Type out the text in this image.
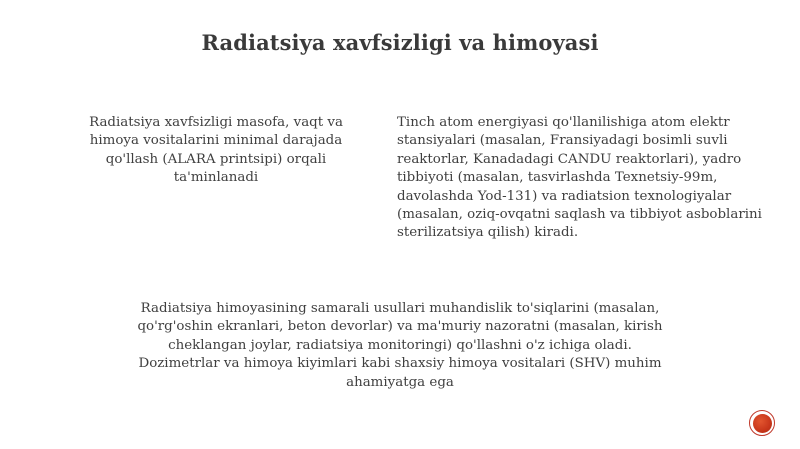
Radiatsiya xavfsizligi va himoyasi
Radiatsiya xavfsizligi masofa, vaqt va himoya vositalarini minimal darajada qo'llash (ALARA printsipi) orqali ta'minlanadi
Tinch atom energiyasi qo'llanilishiga atom elektr stansiyalari (masalan, Fransiyadagi bosimli suvli reaktorlar, Kanadadagi CANDU reaktorlari), yadro tibbiyoti (masalan, tasvirlashda Texnetsiy-99m, davolashda Yod-131) va radiatsion texnologiyalar (masalan, oziq-ovqatni saqlash va tibbiyot asboblarini sterilizatsiya qilish) kiradi.
Radiatsiya himoyasining samarali usullari muhandislik to'siqlarini (masalan, qo'rg'oshin ekranlari, beton devorlar) va ma'muriy nazoratni (masalan, kirish cheklangan joylar, radiatsiya monitoringi) qo'llashni o'z ichiga oladi. Dozimetrlar va himoya kiyimlari kabi shaxsiy himoya vositalari (SHV) muhim ahamiyatga ega
